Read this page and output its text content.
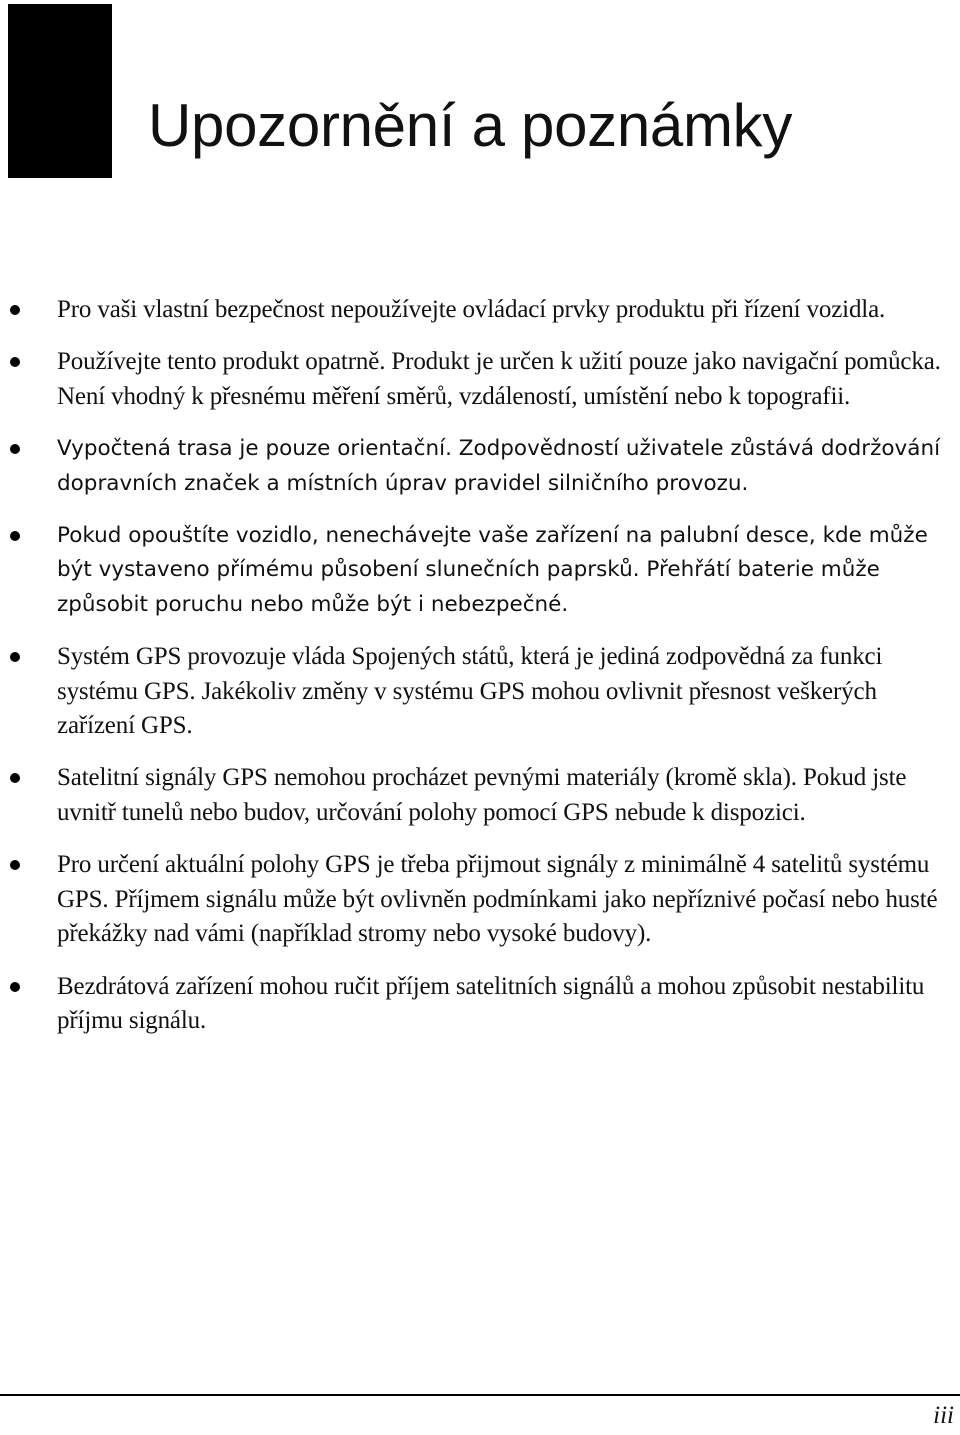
Upozornění a poznámky
Pro vaši vlastní bezpečnost nepoužívejte ovládací prvky produktu při řízení vozidla.
Používejte tento produkt opatrně. Produkt je určen k užití pouze jako navigační pomůcka. Není vhodný k přesnému měření směrů, vzdáleností, umístění nebo k topografii.
Vypočtená trasa je pouze orientační. Zodpovědností uživatele zůstává dodržování dopravních značek a místních úprav pravidel silničního provozu.
Pokud opouštíte vozidlo, nenechávejte vaše zařízení na palubní desce, kde může být vystaveno přímému působení slunečních paprsků. Přehřátí baterie může způsobit poruchu nebo může být i nebezpečné.
Systém GPS provozuje vláda Spojených států, která je jediná zodpovědná za funkci systému GPS. Jakékoliv změny v systému GPS mohou ovlivnit přesnost veškerých zařízení GPS.
Satelitní signály GPS nemohou procházet pevnými materiály (kromě skla). Pokud jste uvnitř tunelů nebo budov, určování polohy pomocí GPS nebude k dispozici.
Pro určení aktuální polohy GPS je třeba přijmout signály z minimálně 4 satelitů systému GPS. Příjmem signálu může být ovlivněn podmínkami jako nepříznivé počasí nebo husté překážky nad vámi (například stromy nebo vysoké budovy).
Bezdrátová zařízení mohou ručit příjem satelitních signálů a mohou způsobit nestabilitu příjmu signálu.
iii
